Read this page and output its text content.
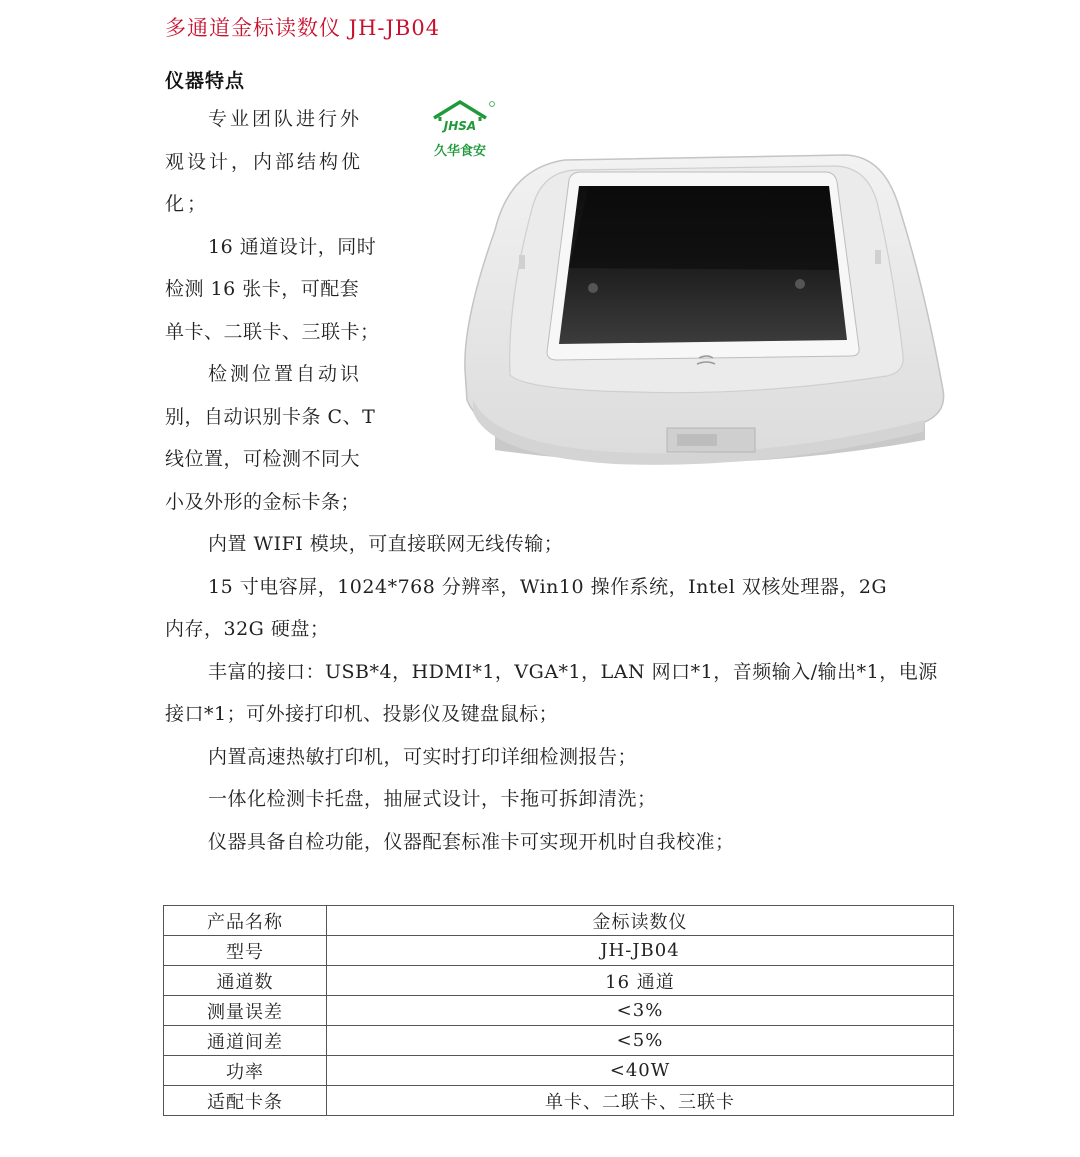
多通道金标读数仪 JH-JB04
仪器特点
专业团队进行外
观设计，内部结构优
化；
16 通道设计，同时
检测 16 张卡，可配套
单卡、二联卡、三联卡；
检测位置自动识
别，自动识别卡条 C、T
线位置，可检测不同大
小及外形的金标卡条；
内置 WIFI 模块，可直接联网无线传输；
15 寸电容屏，1024*768 分辨率，Win10 操作系统，Intel 双核处理器，2G
内存，32G 硬盘；
丰富的接口：USB*4，HDMI*1，VGA*1，LAN 网口*1，音频输入/输出*1，电源
接口*1；可外接打印机、投影仪及键盘鼠标；
内置高速热敏打印机，可实时打印详细检测报告；
一体化检测卡托盘，抽屉式设计，卡拖可拆卸清洗；
仪器具备自检功能，仪器配套标准卡可实现开机时自我校准；
JHSA
久华食安
产品名称	金标读数仪
型号	JH-JB04
通道数	16 通道
测量误差	<3%
通道间差	<5%
功率	<40W
适配卡条	单卡、二联卡、三联卡
